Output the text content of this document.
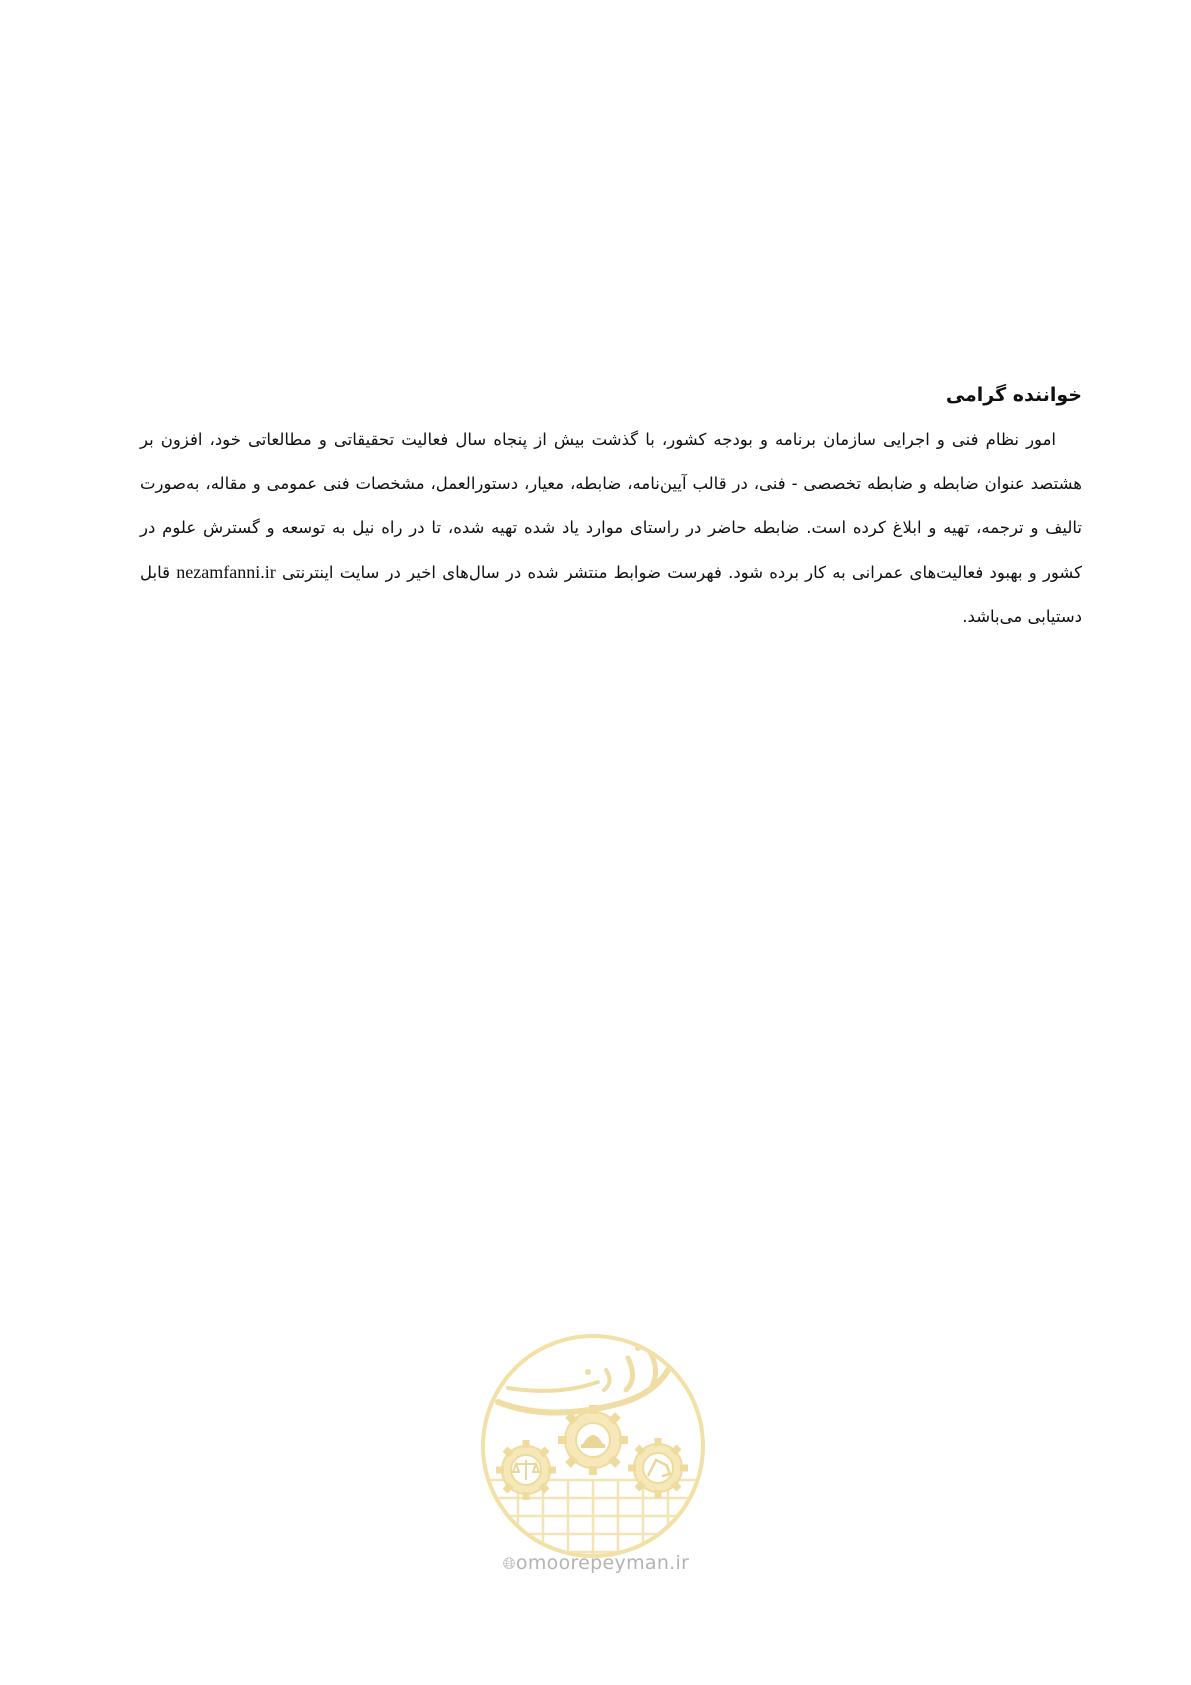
خواننده گرامی

امور نظام فنی و اجرایی سازمان برنامه و بودجه کشور، با گذشت بیش از پنجاه سال فعالیت تحقیقاتی و مطالعاتی خود، افزون بر هشتصد عنوان ضابطه و ضابطه تخصصی - فنی، در قالب آیین‌نامه، ضابطه، معیار، دستورالعمل، مشخصات فنی عمومی و مقاله، به‌صورت تالیف و ترجمه، تهیه و ابلاغ کرده است. ضابطه حاضر در راستای موارد یاد شده تهیه شده، تا در راه نیل به توسعه و گسترش علوم در کشور و بهبود فعالیت‌های عمرانی به کار برده شود. فهرست ضوابط منتشر شده در سال‌های اخیر در سایت اینترنتی nezamfanni.ir قابل دستیابی می‌باشد.

🌐︎omoorepeyman.ir
